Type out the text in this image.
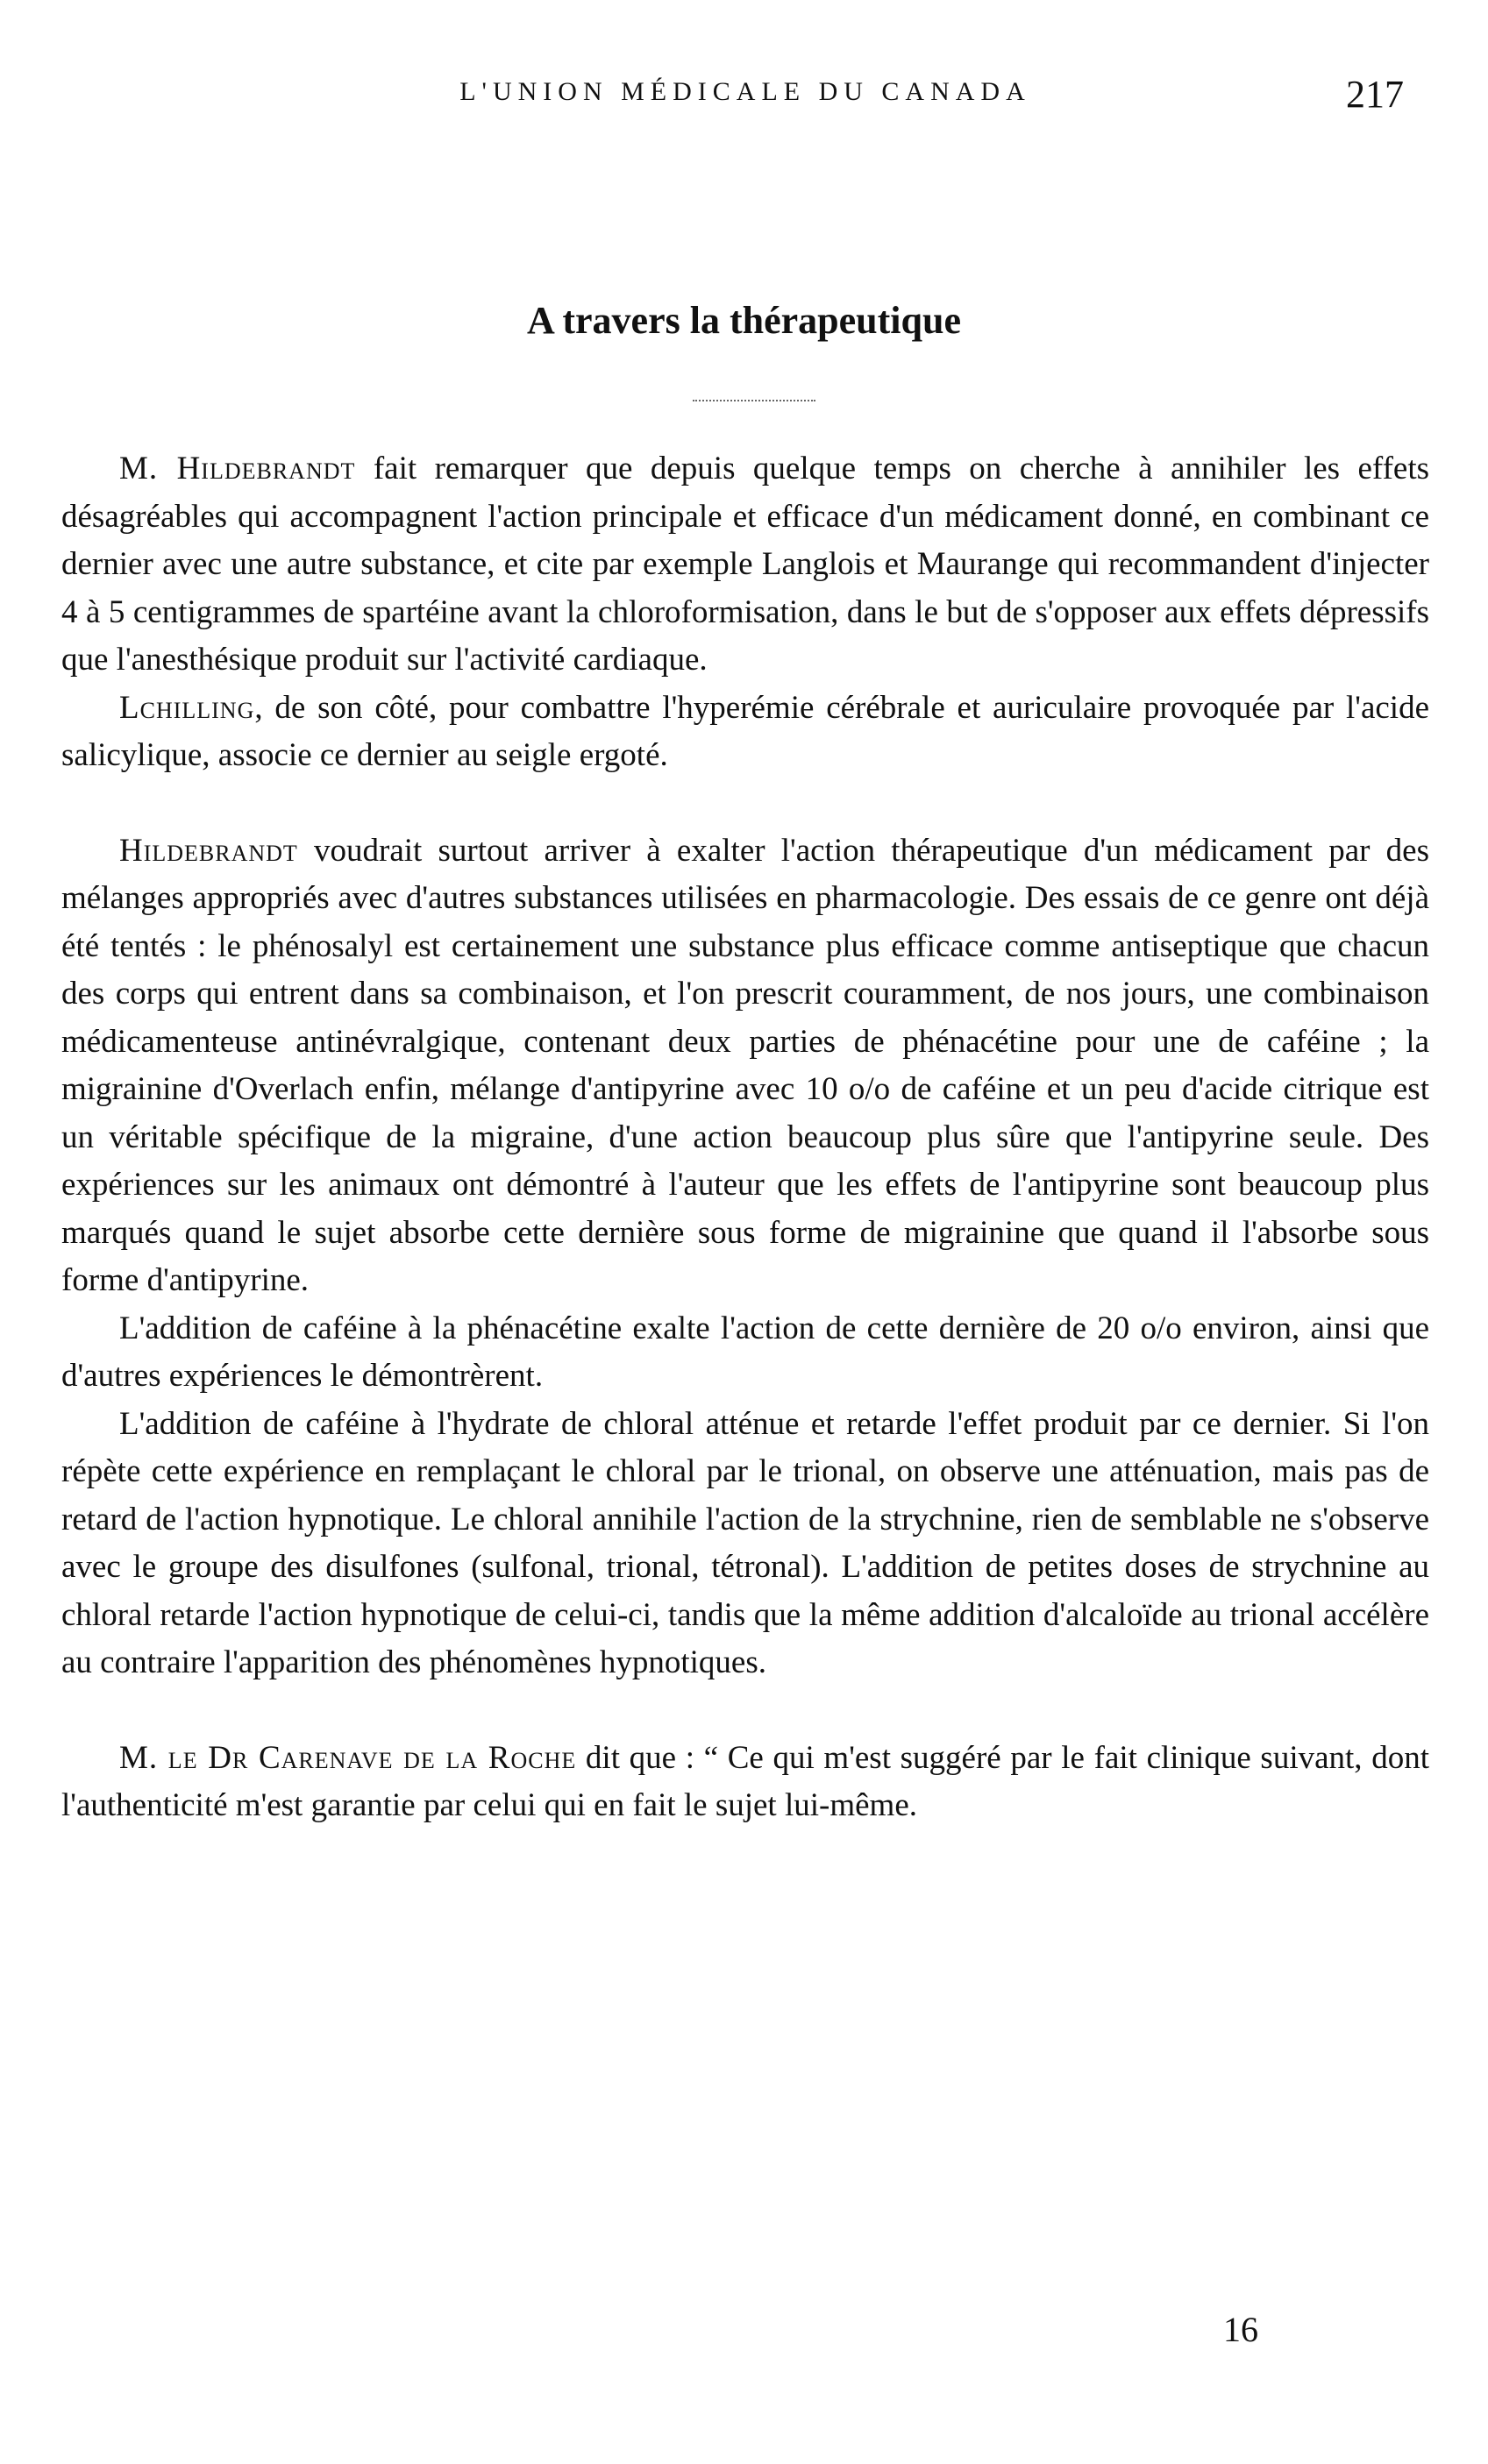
L'UNION MÉDICALE DU CANADA	217
A travers la thérapeutique

M. Hildebrandt fait remarquer que depuis quelque temps on cherche à annihiler les effets désagréables qui accompagnent l'action principale et efficace d'un médicament donné, en combinant ce dernier avec une autre substance, et cite par exemple Langlois et Maurange qui recommandent d'injecter 4 à 5 centigrammes de spartéine avant la chloroformisation, dans le but de s'opposer aux effets dépressifs que l'anesthésique produit sur l'activité cardiaque.

Lchilling, de son côté, pour combattre l'hyperémie cérébrale et auriculaire provoquée par l'acide salicylique, associe ce dernier au seigle ergoté.

Hildebrandt voudrait surtout arriver à exalter l'action thérapeutique d'un médicament par des mélanges appropriés avec d'autres substances utilisées en pharmacologie. Des essais de ce genre ont déjà été tentés : le phénosalyl est certainement une substance plus efficace comme antiseptique que chacun des corps qui entrent dans sa combinaison, et l'on prescrit couramment, de nos jours, une combinaison médicamenteuse antinévralgique, contenant deux parties de phénacétine pour une de caféine ; la migrainine d'Overlach enfin, mélange d'antipyrine avec 10 o/o de caféine et un peu d'acide citrique est un véritable spécifique de la migraine, d'une action beaucoup plus sûre que l'antipyrine seule. Des expériences sur les animaux ont démontré à l'auteur que les effets de l'antipyrine sont beaucoup plus marqués quand le sujet absorbe cette dernière sous forme de migrainine que quand il l'absorbe sous forme d'antipyrine.

L'addition de caféine à la phénacétine exalte l'action de cette dernière de 20 o/o environ, ainsi que d'autres expériences le démontrèrent.

L'addition de caféine à l'hydrate de chloral atténue et retarde l'effet produit par ce dernier. Si l'on répète cette expérience en remplaçant le chloral par le trional, on observe une atténuation, mais pas de retard de l'action hypnotique. Le chloral annihile l'action de la strychnine, rien de semblable ne s'observe avec le groupe des disulfones (sulfonal, trional, tétronal). L'addition de petites doses de strychnine au chloral retarde l'action hypnotique de celui-ci, tandis que la même addition d'alcaloïde au trional accélère au contraire l'apparition des phénomènes hypnotiques.

M. le Dr Carenave de la Roche dit que : “ Ce qui m'est suggéré par le fait clinique suivant, dont l'authenticité m'est garantie par celui qui en fait le sujet lui-même.

16
